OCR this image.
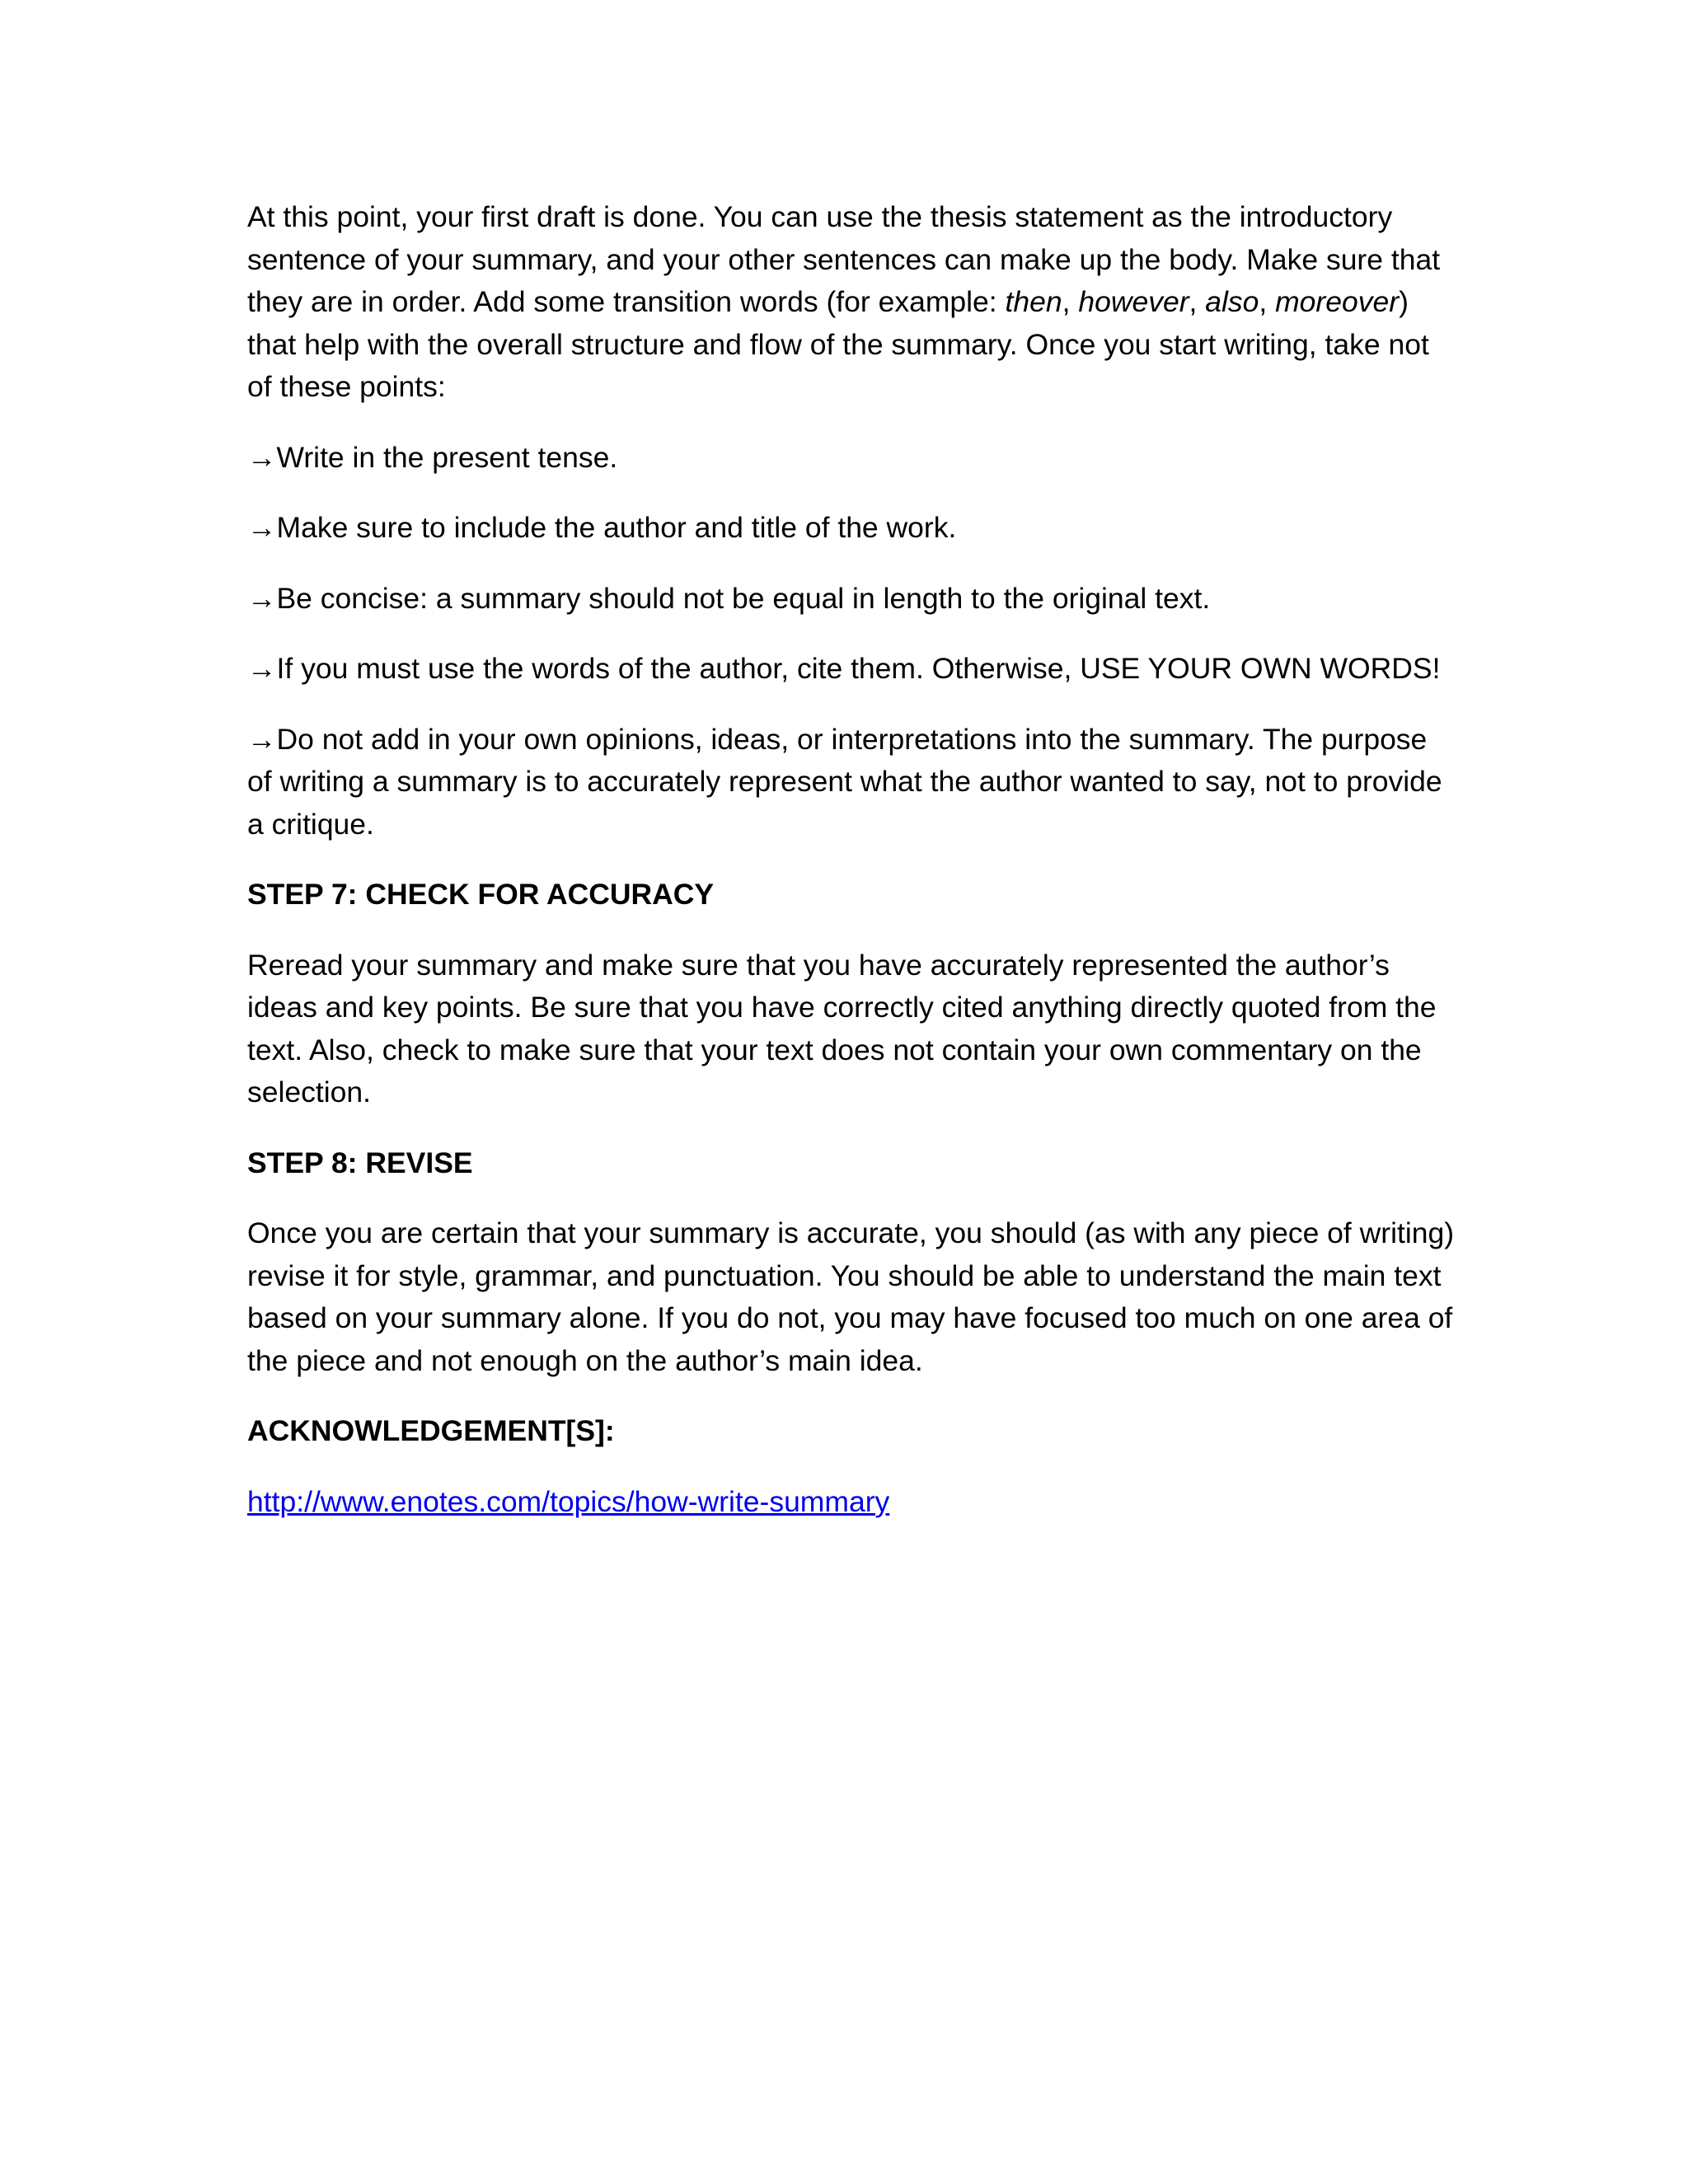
At this point, your first draft is done. You can use the thesis statement as the introductory sentence of your summary, and your other sentences can make up the body. Make sure that they are in order. Add some transition words (for example: then, however, also, moreover) that help with the overall structure and flow of the summary. Once you start writing, take not of these points:

→Write in the present tense.

→Make sure to include the author and title of the work.

→Be concise: a summary should not be equal in length to the original text.

→If you must use the words of the author, cite them. Otherwise, USE YOUR OWN WORDS!

→Do not add in your own opinions, ideas, or interpretations into the summary. The purpose of writing a summary is to accurately represent what the author wanted to say, not to provide a critique.

STEP 7: CHECK FOR ACCURACY

Reread your summary and make sure that you have accurately represented the author’s ideas and key points. Be sure that you have correctly cited anything directly quoted from the text. Also, check to make sure that your text does not contain your own commentary on the selection.

STEP 8: REVISE

Once you are certain that your summary is accurate, you should (as with any piece of writing) revise it for style, grammar, and punctuation. You should be able to understand the main text based on your summary alone. If you do not, you may have focused too much on one area of the piece and not enough on the author’s main idea.

ACKNOWLEDGEMENT[S]:

http://www.enotes.com/topics/how-write-summary
